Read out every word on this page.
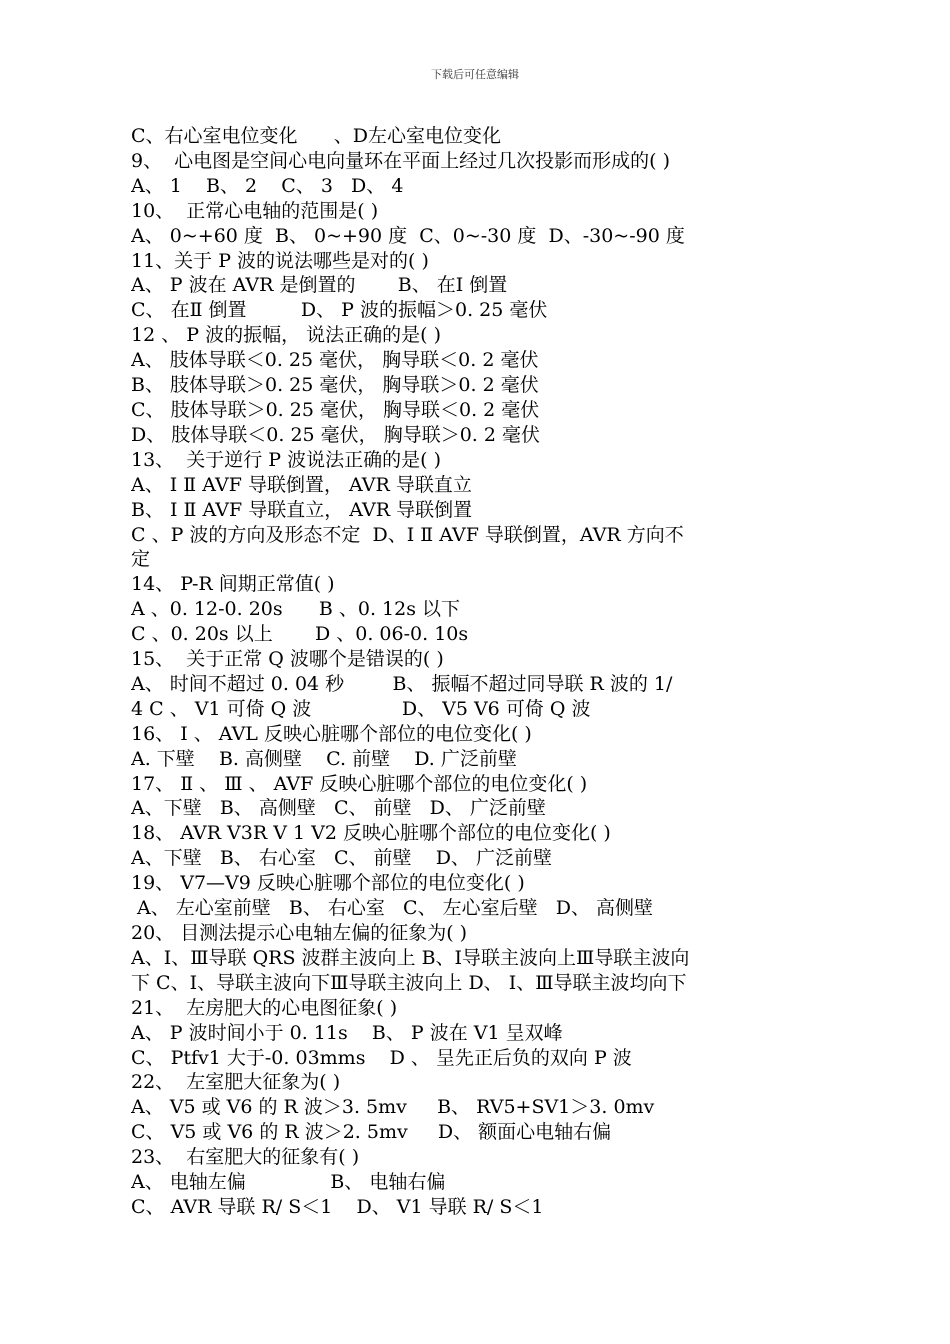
下载后可任意编辑
C、右心室电位变化      、D左心室电位变化
9、  心电图是空间心电向量环在平面上经过几次投影而形成的( )
A、 1    B、 2    C、 3   D、 4
10、  正常心电轴的范围是( )
A、 0~+60 度  B、 0~+90 度  C、0~-30 度  D、-30~-90 度
11、关于 P 波的说法哪些是对的( )
A、 P 波在 AVR 是倒置的       B、 在Ⅰ 倒置
C、 在Ⅱ 倒置         D、 P 波的振幅＞0. 25 毫伏
12 、 P 波的振幅， 说法正确的是( )
A、 肢体导联＜0. 25 毫伏， 胸导联＜0. 2 毫伏
B、 肢体导联＞0. 25 毫伏， 胸导联＞0. 2 毫伏
C、 肢体导联＞0. 25 毫伏， 胸导联＜0. 2 毫伏
D、 肢体导联＜0. 25 毫伏， 胸导联＞0. 2 毫伏
13、  关于逆行 P 波说法正确的是( )
A、 Ⅰ Ⅱ AVF 导联倒置， AVR 导联直立
B、 Ⅰ Ⅱ AVF 导联直立， AVR 导联倒置
C 、P 波的方向及形态不定  D、Ⅰ Ⅱ AVF 导联倒置，AVR 方向不
定
14、 P-R 间期正常值( )
A 、0. 12-0. 20s      B 、0. 12s 以下
C 、0. 20s 以上       D 、0. 06-0. 10s
15、  关于正常 Q 波哪个是错误的( )
A、 时间不超过 0. 04 秒        B、 振幅不超过同导联 R 波的 1/
4 C 、 V1 可倚 Q 波               D、 V5 V6 可倚 Q 波
16、 Ⅰ 、 AVL 反映心脏哪个部位的电位变化( )
A. 下壁    B. 高侧壁    C. 前壁    D. 广泛前壁
17、 Ⅱ 、 Ⅲ 、 AVF 反映心脏哪个部位的电位变化( )
A、下壁   B、 高侧壁   C、 前壁   D、 广泛前壁
18、 AVR V3R V 1 V2 反映心脏哪个部位的电位变化( )
A、下壁   B、 右心室   C、 前壁    D、 广泛前壁
19、 V7—V9 反映心脏哪个部位的电位变化( )
A、 左心室前壁   B、 右心室   C、 左心室后壁   D、 高侧壁
20、 目测法提示心电轴左偏的征象为( )
A、Ⅰ、Ⅲ导联 QRS 波群主波向上 B、Ⅰ导联主波向上Ⅲ导联主波向
下 C、Ⅰ、导联主波向下Ⅲ导联主波向上 D、 Ⅰ、Ⅲ导联主波均向下
21、  左房肥大的心电图征象( )
A、 P 波时间小于 0. 11s    B、 P 波在 V1 呈双峰
C、 Ptfv1 大于-0. 03mms    D 、 呈先正后负的双向 P 波
22、  左室肥大征象为( )
A、 V5 或 V6 的 R 波＞3. 5mv     B、 RV5+SV1＞3. 0mv
C、 V5 或 V6 的 R 波＞2. 5mv     D、 额面心电轴右偏
23、  右室肥大的征象有( )
A、 电轴左偏              B、 电轴右偏
C、 AVR 导联 R/ S＜1    D、 V1 导联 R/ S＜1
